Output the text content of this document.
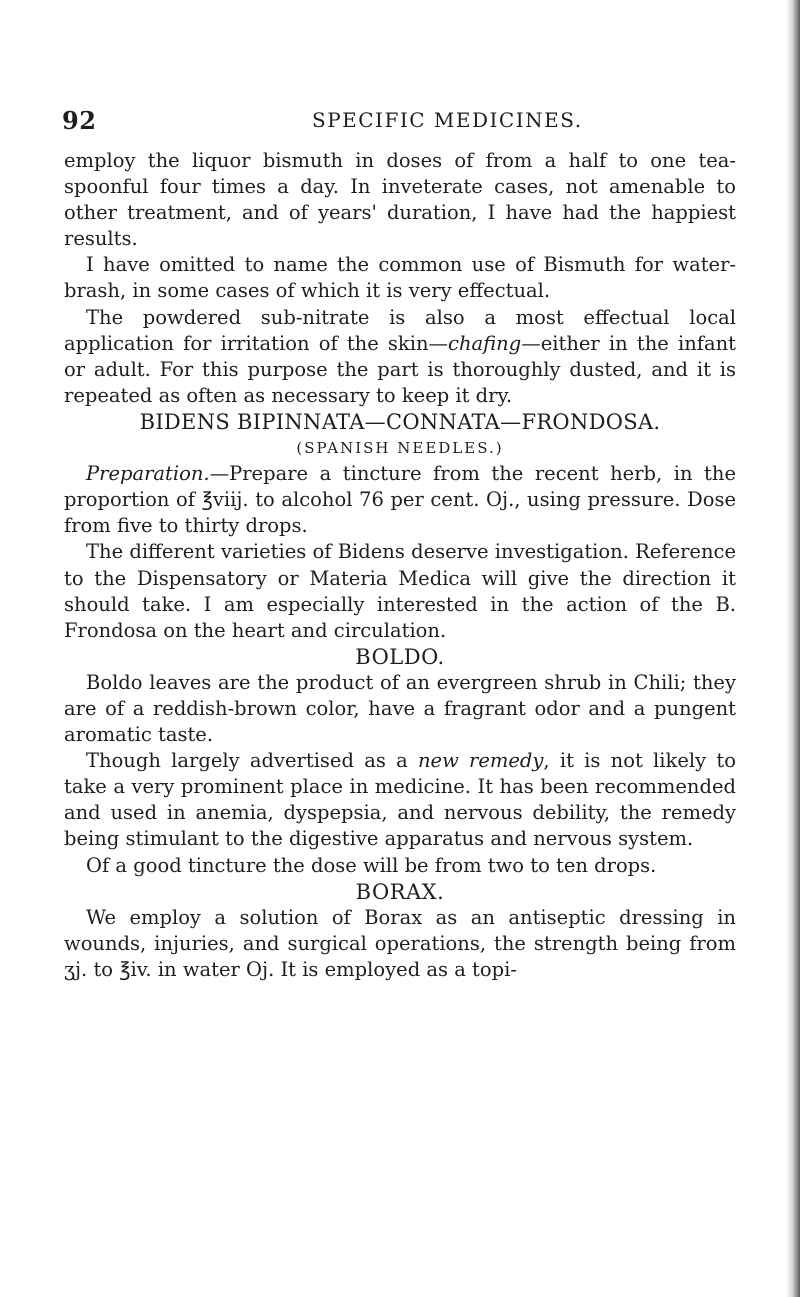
92	SPECIFIC MEDICINES.

employ the liquor bismuth in doses of from a half to one tea-spoonful four times a day. In inveterate cases, not amenable to other treatment, and of years' duration, I have had the happiest results.

I have omitted to name the common use of Bismuth for water-brash, in some cases of which it is very effectual.

The powdered sub-nitrate is also a most effectual local application for irritation of the skin—chafing—either in the infant or adult. For this purpose the part is thoroughly dusted, and it is repeated as often as necessary to keep it dry.

BIDENS BIPINNATA—CONNATA—FRONDOSA.

(SPANISH NEEDLES.)

Preparation.—Prepare a tincture from the recent herb, in the proportion of ℥viij. to alcohol 76 per cent. Oj., using pressure. Dose from five to thirty drops.

The different varieties of Bidens deserve investigation. Reference to the Dispensatory or Materia Medica will give the direction it should take. I am especially interested in the action of the B. Frondosa on the heart and circulation.

BOLDO.

Boldo leaves are the product of an evergreen shrub in Chili; they are of a reddish-brown color, have a fragrant odor and a pungent aromatic taste.

Though largely advertised as a new remedy, it is not likely to take a very prominent place in medicine. It has been recommended and used in anemia, dyspepsia, and nervous debility, the remedy being stimulant to the digestive apparatus and nervous system.

Of a good tincture the dose will be from two to ten drops.

BORAX.

We employ a solution of Borax as an antiseptic dressing in wounds, injuries, and surgical operations, the strength being from ʒj. to ℥iv. in water Oj. It is employed as a topi-
